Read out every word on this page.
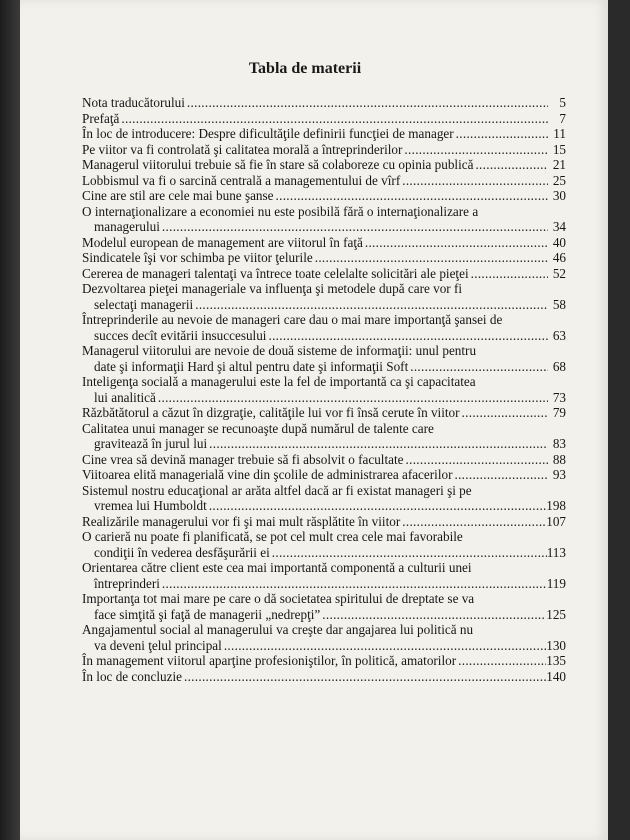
Tabla de materii
Nota traducătorului . . .	5
Prefaţă . . .	7
În loc de introducere: Despre dificultăţile definirii funcţiei de manager . . .	11
Pe viitor va fi controlată şi calitatea morală a întreprinderilor . . .	15
Managerul viitorului trebuie să fie în stare să colaboreze cu opinia publică . . .	21
Lobbismul va fi o sarcină centrală a managementului de vîrf . . .	25
Cine are stil are cele mai bune şanse . . .	30
O internaţionalizare a economiei nu este posibilă fără o internaţionalizare a
managerului . . .	34
Modelul european de management are viitorul în faţă . . .	40
Sindicatele îşi vor schimba pe viitor ţelurile . . .	46
Cererea de manageri talentaţi va întrece toate celelalte solicitări ale pieţei . . .	52
Dezvoltarea pieţei manageriale va influenţa şi metodele după care vor fi
selectaţi managerii . . .	58
Întreprinderile au nevoie de manageri care dau o mai mare importanţă şansei de
succes decît evitării insuccesului . . .	63
Managerul viitorului are nevoie de două sisteme de informaţii: unul pentru
date şi informaţii Hard şi altul pentru date şi informaţii Soft . . .	68
Inteligenţa socială a managerului este la fel de importantă ca şi capacitatea
lui analitică . . .	73
Răzbătătorul a căzut în dizgraţie, calităţile lui vor fi însă cerute în viitor . . .	79
Calitatea unui manager se recunoaşte după numărul de talente care
gravitează în jurul lui . . .	83
Cine vrea să devină manager trebuie să fi absolvit o facultate . . .	88
Viitoarea elită managerială vine din şcolile de administrarea afacerilor . . .	93
Sistemul nostru educaţional ar arăta altfel dacă ar fi existat manageri şi pe
vremea lui Humboldt . . .	198
Realizările managerului vor fi şi mai mult răsplătite în viitor . . .	107
O carieră nu poate fi planificată, se pot cel mult crea cele mai favorabile
condiţii în vederea desfăşurării ei . . .	113
Orientarea către client este cea mai importantă componentă a culturii unei
întreprinderi . . .	119
Importanţa tot mai mare pe care o dă societatea spiritului de dreptate se va
face simţită şi faţă de managerii „nedrepţi” . . .	125
Angajamentul social al managerului va creşte dar angajarea lui politică nu
va deveni ţelul principal . . .	130
În management viitorul aparţine profesioniştilor, în politică, amatorilor . . .	135
În loc de concluzie . . .	140
